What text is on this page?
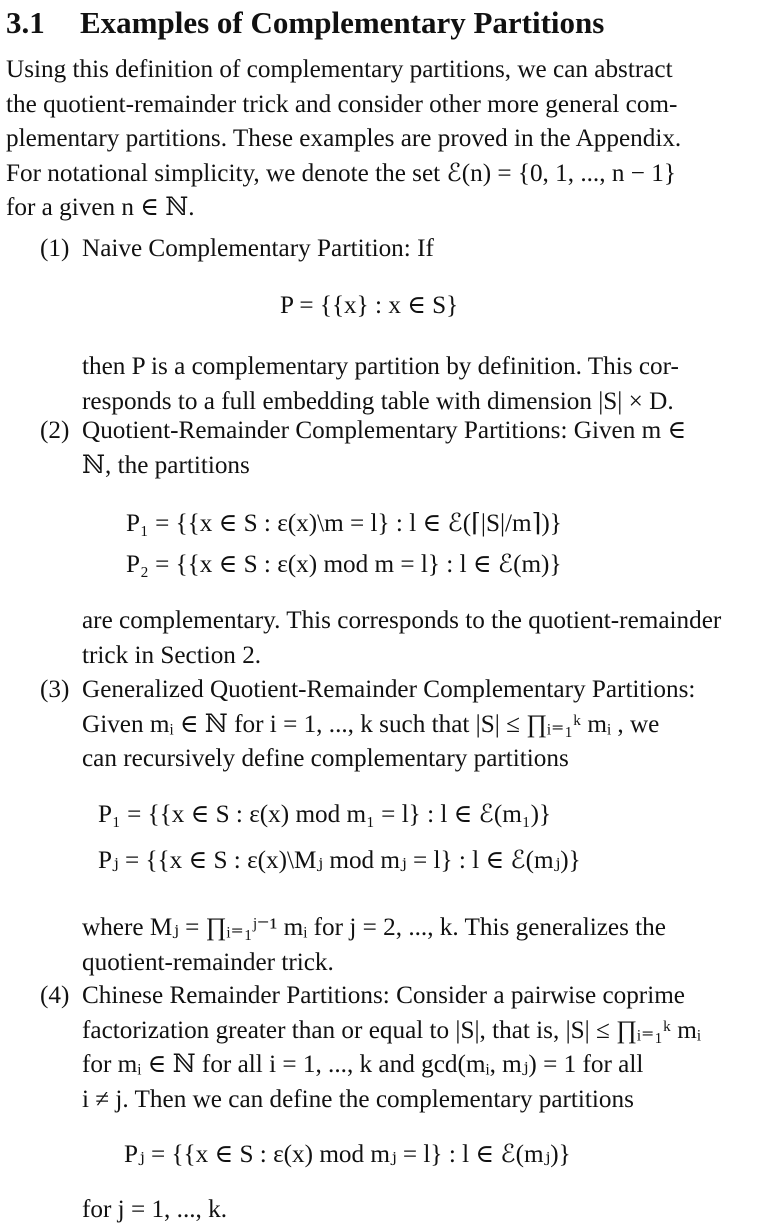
3.1 Examples of Complementary Partitions
Using this definition of complementary partitions, we can abstract
the quotient-remainder trick and consider other more general com-
plementary partitions. These examples are proved in the Appendix.
For notational simplicity, we denote the set ℰ(n) = {0, 1, ..., n − 1}
for a given n ∈ ℕ.
(1) Naive Complementary Partition: If
P = {{x} : x ∈ S}
then P is a complementary partition by definition. This cor-
responds to a full embedding table with dimension |S| × D.
(2) Quotient-Remainder Complementary Partitions: Given m ∈
ℕ, the partitions
P₁ = {{x ∈ S : ε(x)\m = l} : l ∈ ℰ(⌈|S|/m⌉)}
P₂ = {{x ∈ S : ε(x) mod m = l} : l ∈ ℰ(m)}
are complementary. This corresponds to the quotient-remainder
trick in Section 2.
(3) Generalized Quotient-Remainder Complementary Partitions:
Given mᵢ ∈ ℕ for i = 1, ..., k such that |S| ≤ ∏ᵢ₌₁ᵏ mᵢ , we
can recursively define complementary partitions
P₁ = {{x ∈ S : ε(x) mod m₁ = l} : l ∈ ℰ(m₁)}
Pⱼ = {{x ∈ S : ε(x)\Mⱼ mod mⱼ = l} : l ∈ ℰ(mⱼ)}
where Mⱼ = ∏ᵢ₌₁ʲ⁻¹ mᵢ for j = 2, ..., k. This generalizes the
quotient-remainder trick.
(4) Chinese Remainder Partitions: Consider a pairwise coprime
factorization greater than or equal to |S|, that is, |S| ≤ ∏ᵢ₌₁ᵏ mᵢ
for mᵢ ∈ ℕ for all i = 1, ..., k and gcd(mᵢ, mⱼ) = 1 for all
i ≠ j. Then we can define the complementary partitions
Pⱼ = {{x ∈ S : ε(x) mod mⱼ = l} : l ∈ ℰ(mⱼ)}
for j = 1, ..., k.
